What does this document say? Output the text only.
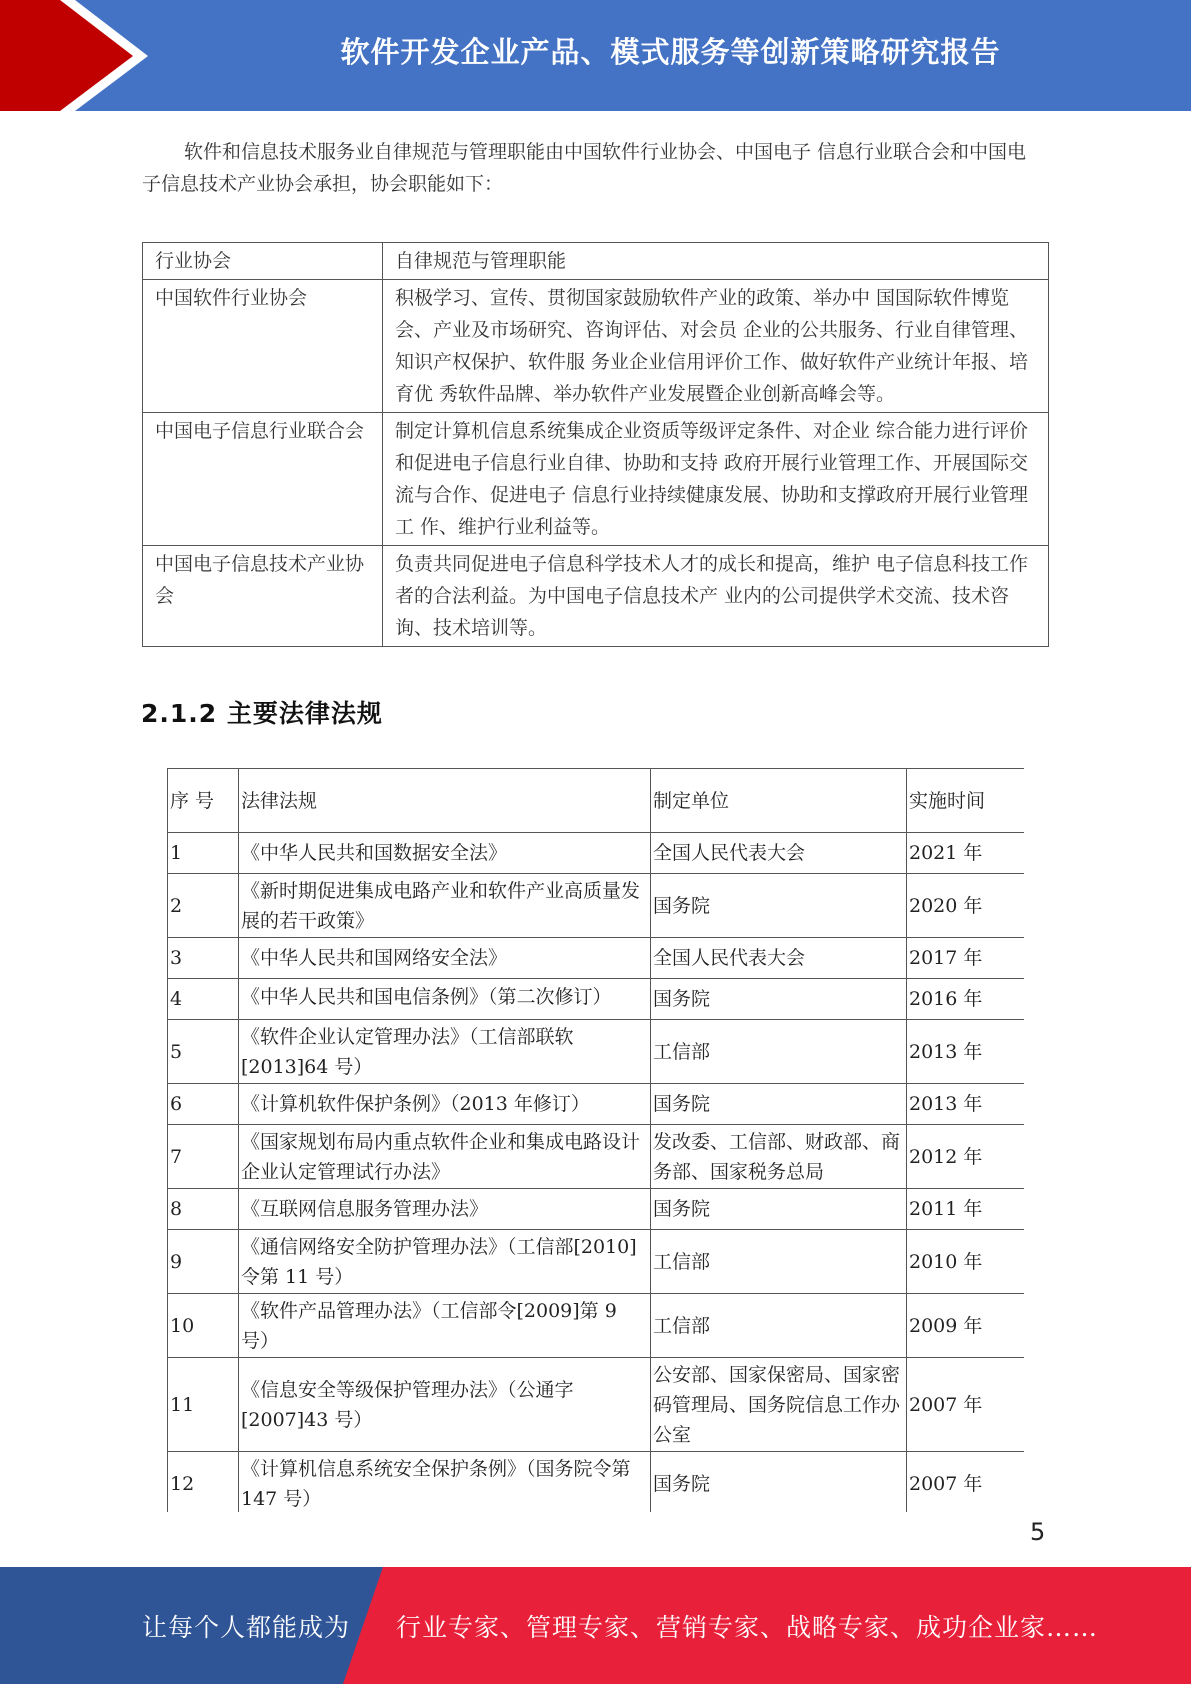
软件开发企业产品、模式服务等创新策略研究报告

软件和信息技术服务业自律规范与管理职能由中国软件行业协会、中国电子 信息行业联合会和中国电子信息技术产业协会承担，协会职能如下：

行业协会	自律规范与管理职能
中国软件行业协会	积极学习、宣传、贯彻国家鼓励软件产业的政策、举办中 国国际软件博览会、产业及市场研究、咨询评估、对会员 企业的公共服务、行业自律管理、知识产权保护、软件服 务业企业信用评价工作、做好软件产业统计年报、培育优 秀软件品牌、举办软件产业发展暨企业创新高峰会等。
中国电子信息行业联合会	制定计算机信息系统集成企业资质等级评定条件、对企业 综合能力进行评价和促进电子信息行业自律、协助和支持 政府开展行业管理工作、开展国际交流与合作、促进电子 信息行业持续健康发展、协助和支撑政府开展行业管理工 作、维护行业利益等。
中国电子信息技术产业协会	负责共同促进电子信息科学技术人才的成长和提高，维护 电子信息科技工作者的合法利益。为中国电子信息技术产 业内的公司提供学术交流、技术咨询、技术培训等。
2.1.2 主要法律法规
序 号	法律法规	制定单位	实施时间
1	《中华人民共和国数据安全法》	全国人民代表大会	2021 年
2	《新时期促进集成电路产业和软件产业高质量发展的若干政策》	国务院	2020 年
3	《中华人民共和国网络安全法》	全国人民代表大会	2017 年
4	《中华人民共和国电信条例》（第二次修订）	国务院	2016 年
5	《软件企业认定管理办法》（工信部联软[2013]64 号）	工信部	2013 年
6	《计算机软件保护条例》（2013 年修订）	国务院	2013 年
7	《国家规划布局内重点软件企业和集成电路设计企业认定管理试行办法》	发改委、工信部、财政部、商务部、国家税务总局	2012 年
8	《互联网信息服务管理办法》	国务院	2011 年
9	《通信网络安全防护管理办法》（工信部[2010]令第 11 号）	工信部	2010 年
10	《软件产品管理办法》（工信部令[2009]第 9 号）	工信部	2009 年
11	《信息安全等级保护管理办法》（公通字[2007]43 号）	公安部、国家保密局、国家密码管理局、国务院信息工作办公室	2007 年
12	《计算机信息系统安全保护条例》（国务院令第 147 号）	国务院	2007 年
5
让每个人都能成为 行业专家、管理专家、营销专家、战略专家、成功企业家……
